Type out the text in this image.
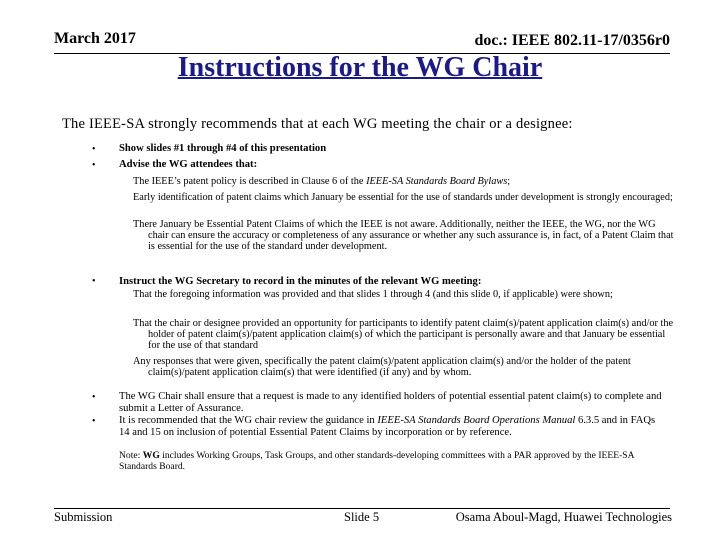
March 2017	doc.: IEEE 802.11-17/0356r0
Instructions for the WG Chair
The IEEE-SA strongly recommends that at each WG meeting the chair or a designee:
• Show slides #1 through #4 of this presentation
• Advise the WG attendees that:
The IEEE’s patent policy is described in Clause 6 of the IEEE-SA Standards Board Bylaws;
Early identification of patent claims which January be essential for the use of standards under development is strongly encouraged;
There January be Essential Patent Claims of which the IEEE is not aware. Additionally, neither the IEEE, the WG, nor the WG chair can ensure the accuracy or completeness of any assurance or whether any such assurance is, in fact, of a Patent Claim that is essential for the use of the standard under development.
• Instruct the WG Secretary to record in the minutes of the relevant WG meeting:
That the foregoing information was provided and that slides 1 through 4 (and this slide 0, if applicable) were shown;
That the chair or designee provided an opportunity for participants to identify patent claim(s)/patent application claim(s) and/or the holder of patent claim(s)/patent application claim(s) of which the participant is personally aware and that January be essential for the use of that standard
Any responses that were given, specifically the patent claim(s)/patent application claim(s) and/or the holder of the patent claim(s)/patent application claim(s) that were identified (if any) and by whom.
• The WG Chair shall ensure that a request is made to any identified holders of potential essential patent claim(s) to complete and submit a Letter of Assurance.
• It is recommended that the WG chair review the guidance in IEEE-SA Standards Board Operations Manual 6.3.5 and in FAQs 14 and 15 on inclusion of potential Essential Patent Claims by incorporation or by reference.
Note: WG includes Working Groups, Task Groups, and other standards-developing committees with a PAR approved by the IEEE-SA Standards Board.
Submission	Slide 5	Osama Aboul-Magd, Huawei Technologies
